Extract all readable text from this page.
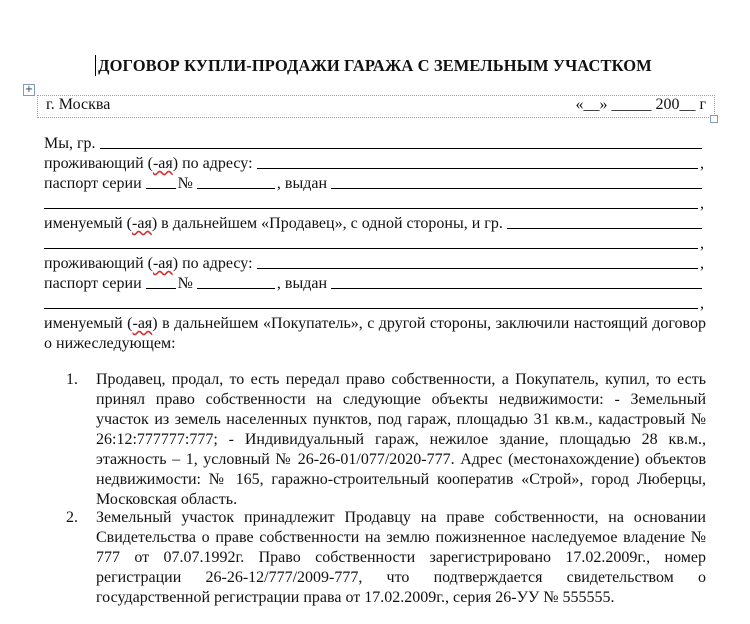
ДОГОВОР КУПЛИ-ПРОДАЖИ ГАРАЖА С ЗЕМЕЛЬНЫМ УЧАСТКОМ
+
г. Москва	«__» _____ 200__ г
Мы, гр.
проживающий (-ая) по адресу:	,
паспорт серии №	, выдан
,
именуемый (-ая) в дальнейшем «Продавец», с одной стороны, и гр.
,
проживающий (-ая) по адресу:	,
паспорт серии №	, выдан
,
именуемый (-ая) в дальнейшем «Покупатель», с другой стороны, заключили настоящий договор о нижеследующем:
1.	Продавец, продал, то есть передал право собственности, а Покупатель, купил, то есть принял право собственности на следующие объекты недвижимости: - Земельный участок из земель населенных пунктов, под гараж, площадью 31 кв.м., кадастровый № 26:12:777777:777; - Индивидуальный гараж, нежилое здание, площадью 28 кв.м., этажность – 1, условный № 26-26-01/077/2020-777. Адрес (местонахождение) объектов недвижимости: № 165, гаражно-строительный кооператив «Строй», город Люберцы, Московская область.
2.	Земельный участок принадлежит Продавцу на праве собственности, на основании Свидетельства о праве собственности на землю пожизненное наследуемое владение № 777 от 07.07.1992г. Право собственности зарегистрировано 17.02.2009г., номер регистрации 26-26-12/777/2009-777, что подтверждается свидетельством о государственной регистрации права от 17.02.2009г., серия 26-УУ № 555555.
